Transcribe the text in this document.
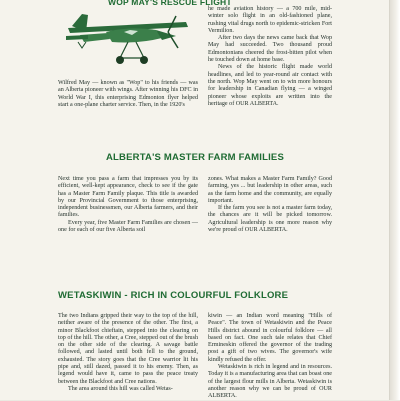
WOP MAY'S RESCUE FLIGHT

Wilfred May — known as "Wop" to his friends — was an Alberta pioneer with wings. After winning his DFC in World War I, this enterprising Edmonton flyer helped start a one-plane charter service. Then, in the 1920's

he made aviation history — a 700 mile, mid-winter solo flight in an old-fashioned plane, rushing vital drugs north to epidemic-stricken Fort Vermilion.

After two days the news came back that Wop May had succeeded. Two thousand proud Edmontonians cheered the frost-bitten pilot when he touched down at home base.

News of the historic flight made world headlines, and led to year-round air contact with the north. Wop May went on to win more honours for leadership in Canadian flying — a winged pioneer whose exploits are written into the heritage of OUR ALBERTA.

ALBERTA'S MASTER FARM FAMILIES

Next time you pass a farm that impresses you by its efficient, well-kept appearance, check to see if the gate has a Master Farm Family plaque. This title is awarded by our Provincial Government to those enterprising, independent businessmen, our Alberta farmers, and their families.

Every year, five Master Farm Families are chosen — one for each of our five Alberta soil

zones. What makes a Master Farm Family? Good farming, yes ... but leadership in other areas, such as the farm home and the community, are equally important.

If the farm you see is not a master farm today, the chances are it will be picked tomorrow. Agricultural leadership is one more reason why we're proud of OUR ALBERTA.

WETASKIWIN - RICH IN COLOURFUL FOLKLORE

The two Indians gripped their way to the top of the hill, neither aware of the presence of the other. The first, a minor Blackfoot chieftain, stepped into the clearing on top of the hill. The other, a Cree, stepped out of the brush on the other side of the clearing. A savage battle followed, and lasted until both fell to the ground, exhausted. The story goes that the Cree warrior lit his pipe and, still dazed, passed it to his enemy. Then, as legend would have it, came to pass the peace treaty between the Blackfoot and Cree nations.

The area around this hill was called Wetas-

kiwin — an Indian word meaning "Hills of Peace". The town of Wetaskiwin and the Peace Hills district abound in colourful folklore — all based on fact. One such tale relates that Chief Ermineskin offered the governor of the trading post a gift of two wives. The governor's wife kindly refused the offer.

Wetaskiwin is rich in legend and in resources. Today it is a manufacturing area that can boast one of the largest flour mills in Alberta. Wetaskiwin is another reason why we can be proud of OUR ALBERTA.
